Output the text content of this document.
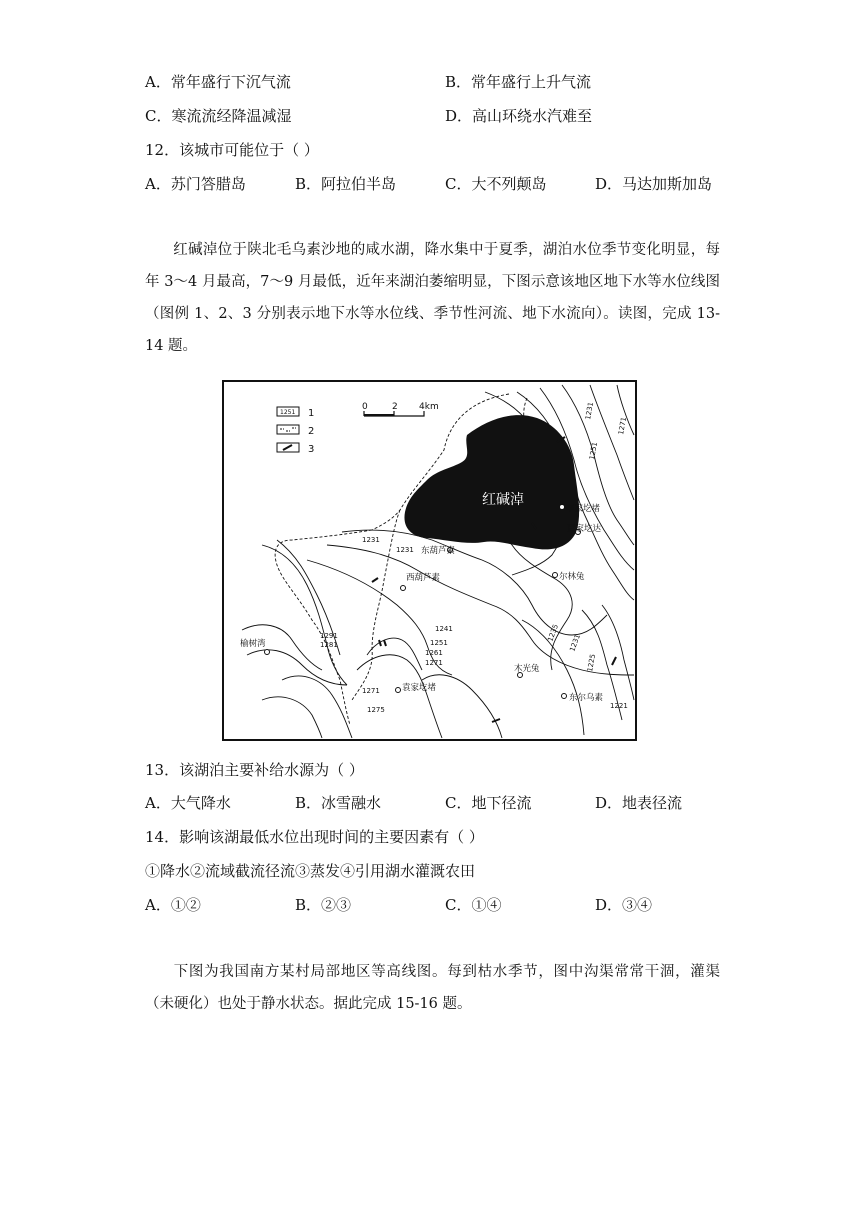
A．常年盛行下沉气流	B．常年盛行上升气流
C．寒流流经降温减湿	D．高山环绕水汽难至
12．该城市可能位于（ ）
A．苏门答腊岛	B．阿拉伯半岛	C．大不列颠岛	D．马达加斯加岛
红碱淖位于陕北毛乌素沙地的咸水湖，降水集中于夏季，湖泊水位季节变化明显，每年 3～4 月最高，7～9 月最低，近年来湖泊萎缩明显，下图示意该地区地下水等水位线图（图例 1、2、3 分别表示地下水等水位线、季节性河流、地下水流向）。读图，完成 13-14 题。
1251 1
2
3
0	2 4km
红碱淖
李家圪堵
贾家圪达
东葫芦素
西葫芦素	尔林兔
榆树湾
木光兔
袁家圪堵
东尔乌素
1231
1251
1271
1231
1231
1241
1291
1281	1251
1261
1271
1235
1231
1225
1271
1275	1221
13．该湖泊主要补给水源为（ ）
A．大气降水	B．冰雪融水	C．地下径流	D．地表径流
14．影响该湖最低水位出现时间的主要因素有（ ）
①降水②流域截流径流③蒸发④引用湖水灌溉农田
A．①②	B．②③	C．①④	D．③④
下图为我国南方某村局部地区等高线图。每到枯水季节，图中沟渠常常干涸，灌渠（未硬化）也处于静水状态。据此完成 15-16 题。
